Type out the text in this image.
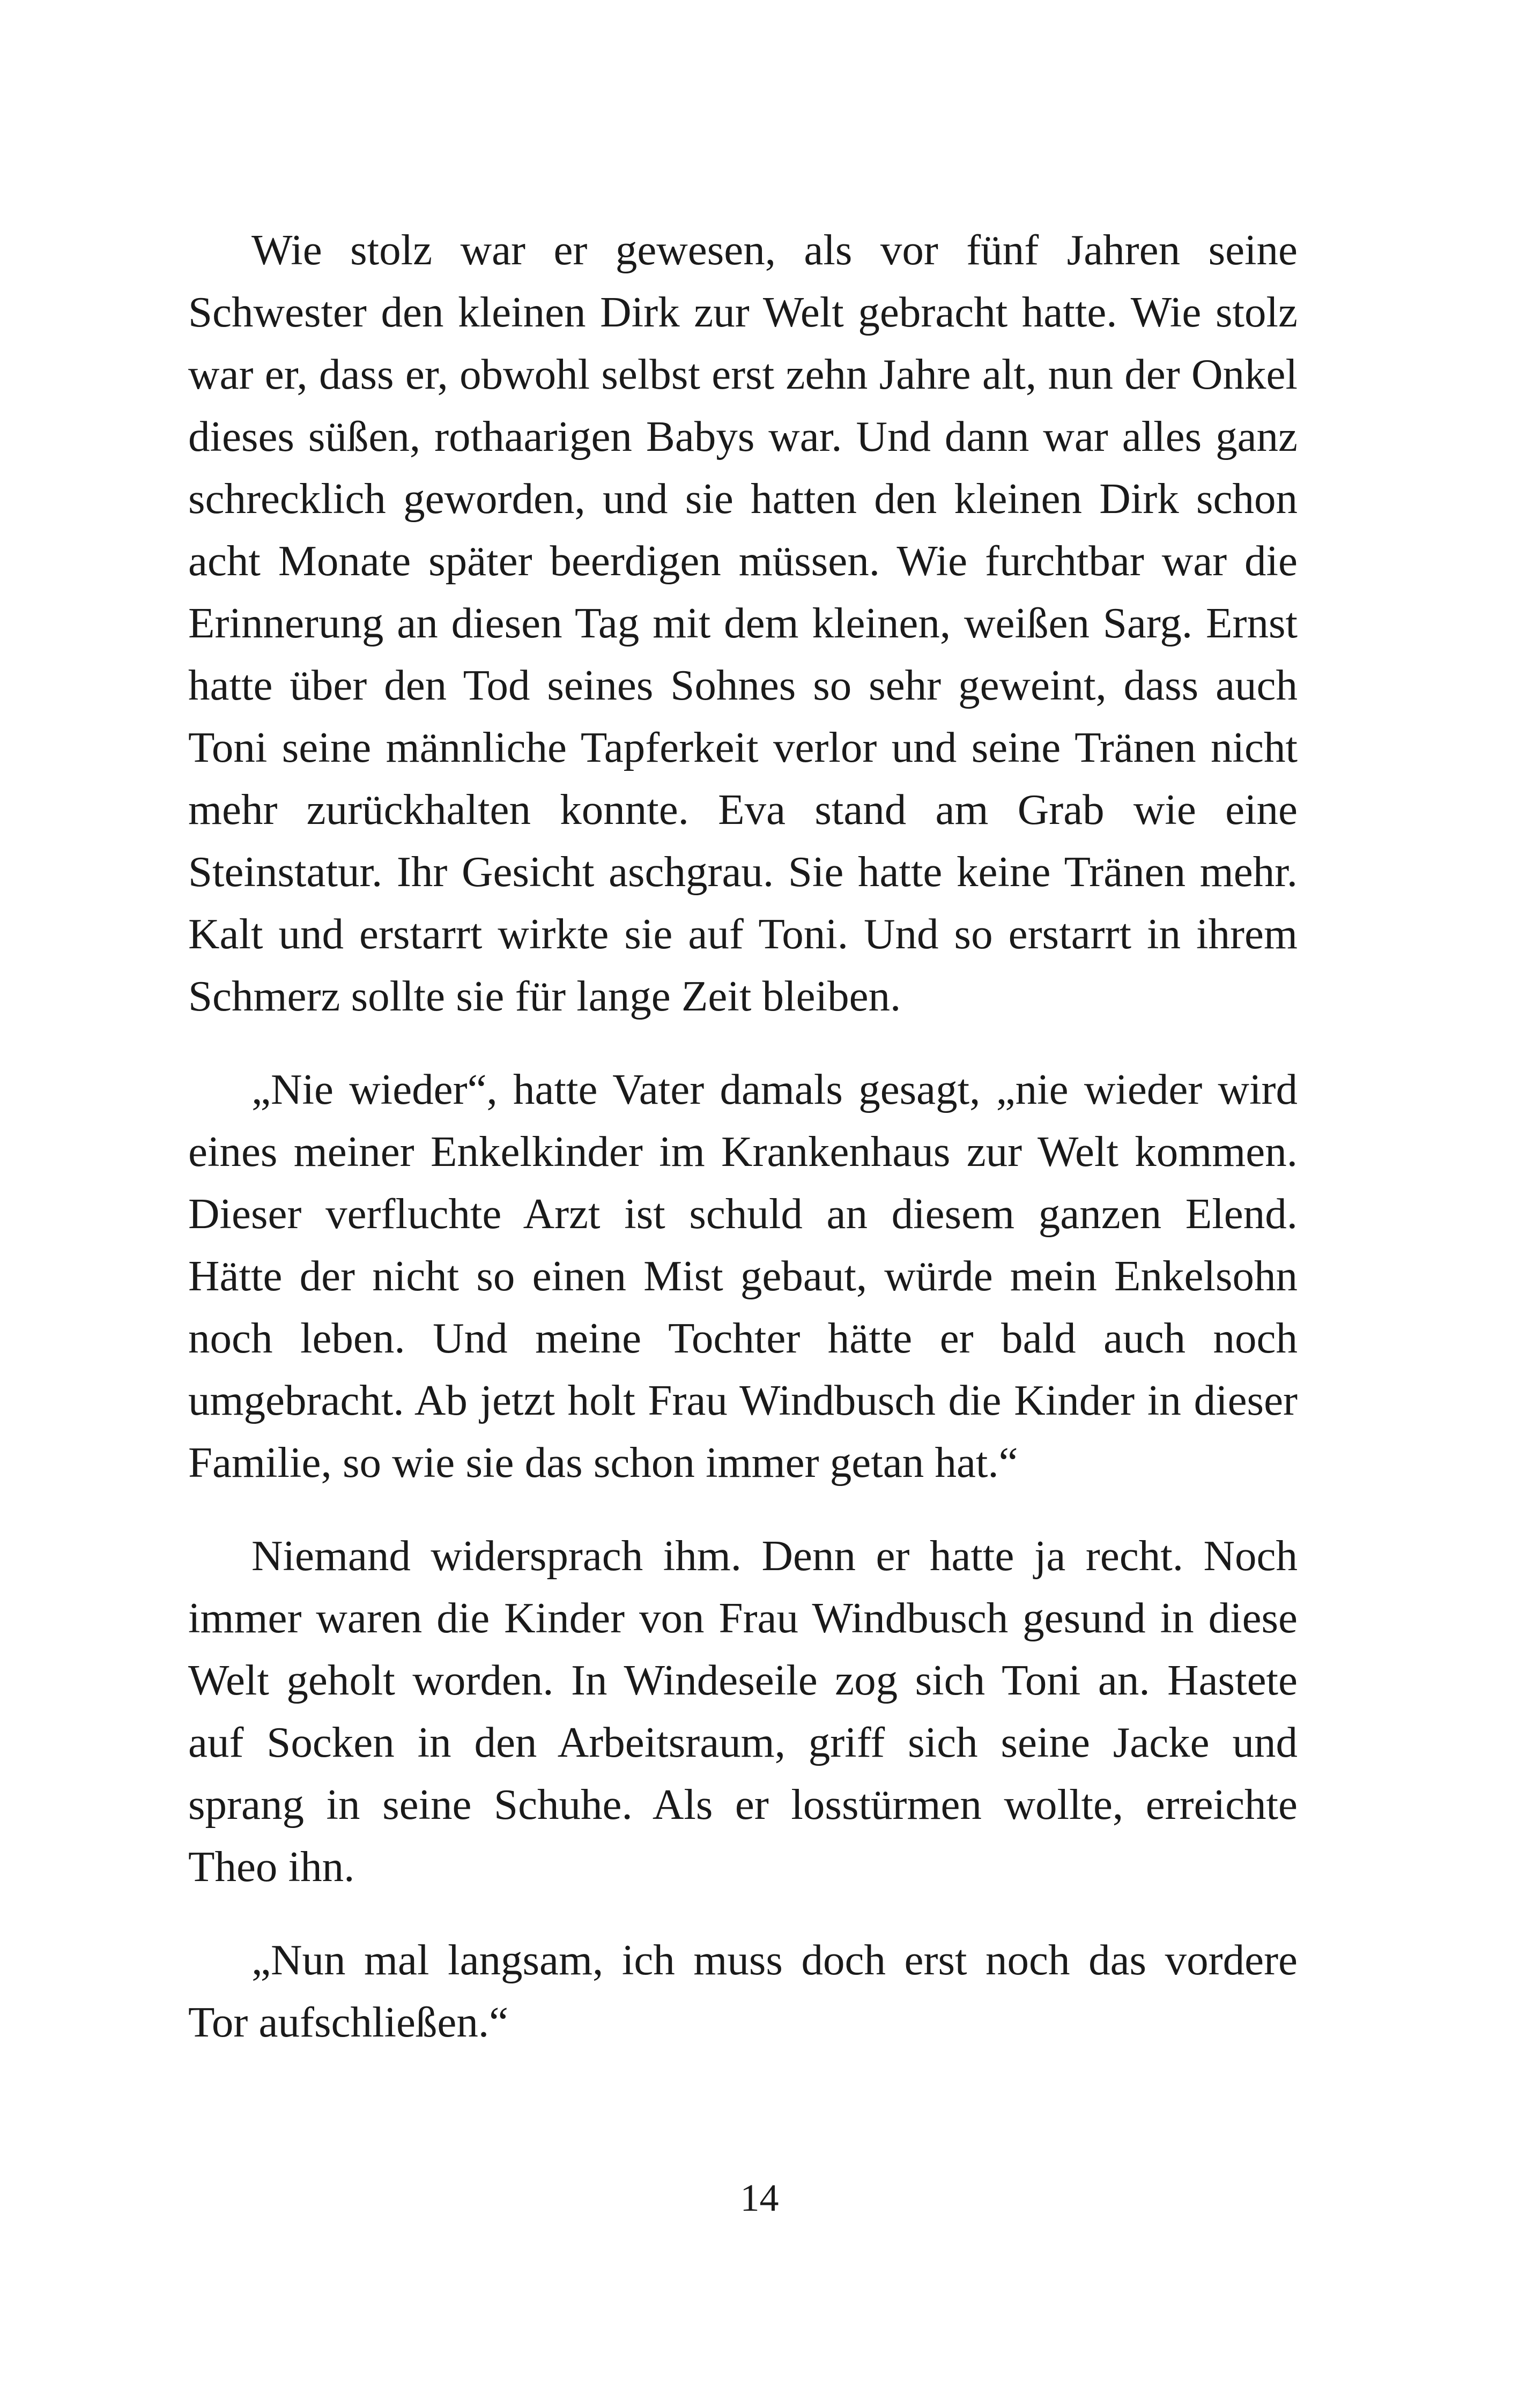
Wie stolz war er gewesen, als vor fünf Jahren seine Schwester den kleinen Dirk zur Welt gebracht hatte. Wie stolz war er, dass er, obwohl selbst erst zehn Jahre alt, nun der Onkel dieses süßen, rothaarigen Babys war. Und dann war alles ganz schrecklich geworden, und sie hatten den kleinen Dirk schon acht Monate später beerdigen müssen. Wie furchtbar war die Erinnerung an diesen Tag mit dem kleinen, weißen Sarg. Ernst hatte über den Tod seines Sohnes so sehr geweint, dass auch Toni seine männliche Tapferkeit verlor und seine Tränen nicht mehr zurückhalten konnte. Eva stand am Grab wie eine Steinstatur. Ihr Gesicht aschgrau. Sie hatte keine Tränen mehr. Kalt und erstarrt wirkte sie auf Toni. Und so erstarrt in ihrem Schmerz sollte sie für lange Zeit bleiben.

„Nie wieder“, hatte Vater damals gesagt, „nie wieder wird eines meiner Enkelkinder im Krankenhaus zur Welt kommen. Dieser verfluchte Arzt ist schuld an diesem ganzen Elend. Hätte der nicht so einen Mist gebaut, würde mein Enkelsohn noch leben. Und meine Tochter hätte er bald auch noch umgebracht. Ab jetzt holt Frau Windbusch die Kinder in dieser Familie, so wie sie das schon immer getan hat.“

Niemand widersprach ihm. Denn er hatte ja recht. Noch immer waren die Kinder von Frau Windbusch gesund in diese Welt geholt worden. In Windeseile zog sich Toni an. Hastete auf Socken in den Arbeitsraum, griff sich seine Jacke und sprang in seine Schuhe. Als er losstürmen wollte, erreichte Theo ihn.

„Nun mal langsam, ich muss doch erst noch das vordere Tor aufschließen.“

14
